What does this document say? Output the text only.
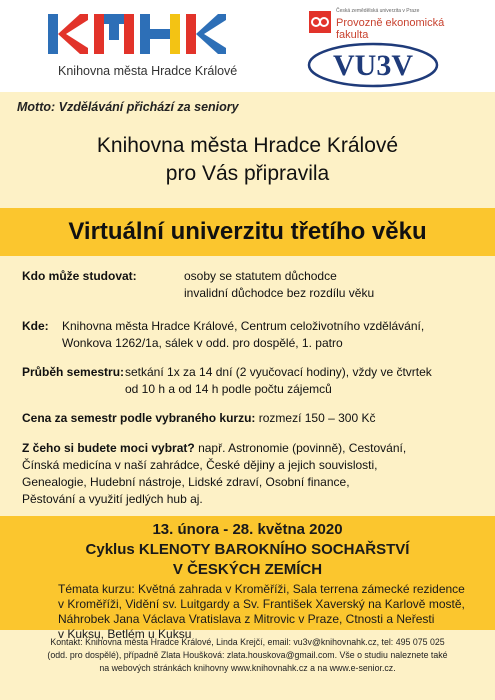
Knihovna města Hradce Králové
Česká zemědělská univerzita v Praze
Provozně ekonomická
fakulta
VU3V
Motto: Vzdělávání přichází za seniory
Knihovna města Hradce Králové
pro Vás připravila
Virtuální univerzitu třetího věku
Kdo může studovat:	osoby se statutem důchodce
invalidní důchodce bez rozdílu věku
Kde:	Knihovna města Hradce Králové, Centrum celoživotního vzdělávání,
Wonkova 1262/1a, sálek v odd. pro dospělé, 1. patro
Průběh semestru: setkání 1x za 14 dní (2 vyučovací hodiny), vždy ve čtvrtek
od 10 h a od 14 h podle počtu zájemců
Cena za semestr podle vybraného kurzu: rozmezí 150 – 300 Kč
Z čeho si budete moci vybrat? např. Astronomie (povinně), Cestování,
Čínská medicína v naší zahrádce, České dějiny a jejich souvislosti,
Genealogie, Hudební nástroje, Lidské zdraví, Osobní finance,
Pěstování a využití jedlých hub aj.
13. února - 28. května 2020
Cyklus KLENOTY BAROKNÍHO SOCHAŘSTVÍ
V ČESKÝCH ZEMÍCH
Témata kurzu: Květná zahrada v Kroměříži, Sala terrena zámecké rezidence
v Kroměříži, Vidění sv. Luitgardy a Sv. František Xaverský na Karlově mostě,
Náhrobek Jana Václava Vratislava z Mitrovic v Praze, Ctnosti a Neřesti
v Kuksu, Betlém u Kuksu
Kontakt: Knihovna města Hradce Králové, Linda Krejčí, email: vu3v@knihovnahk.cz, tel: 495 075 025
(odd. pro dospělé), případně Zlata Houšková: zlata.houskova@gmail.com. Vše o studiu naleznete také
na webových stránkách knihovny www.knihovnahk.cz a na www.e-senior.cz.
